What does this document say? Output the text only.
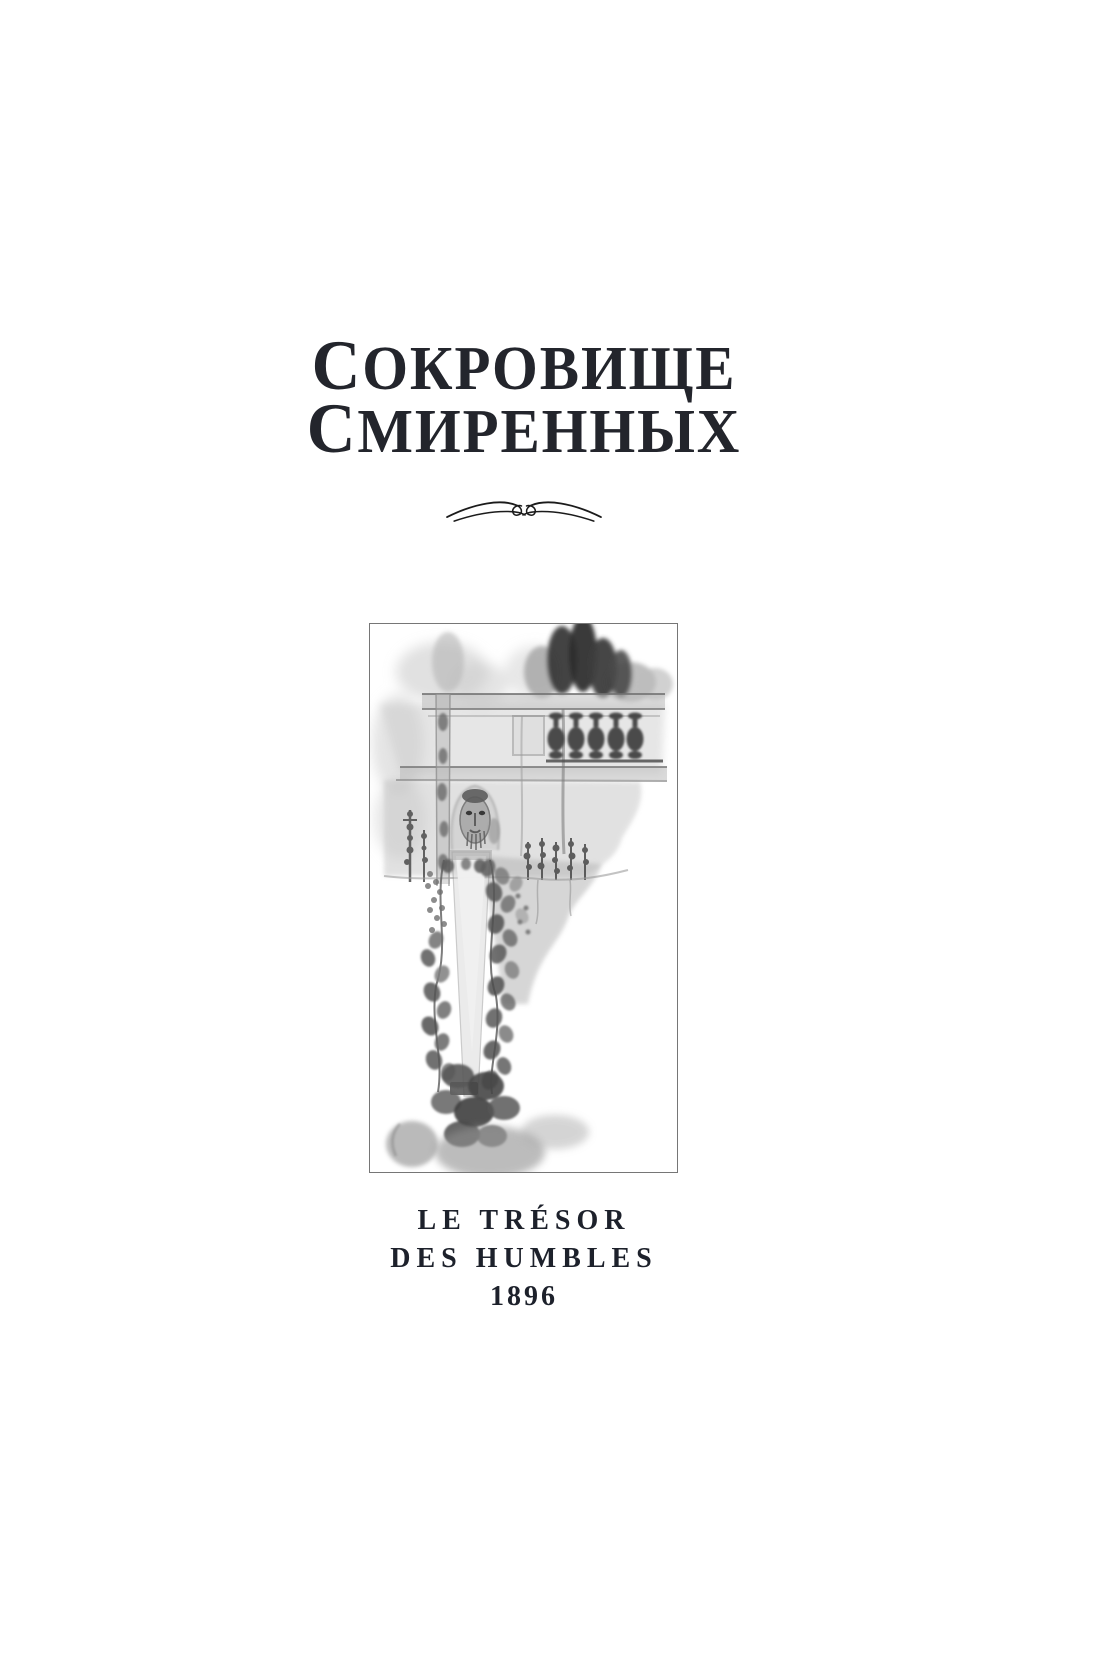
СОКРОВИЩЕ
СМИРЕННЫХ
LE TRÉSOR
DES HUMBLES
1896
